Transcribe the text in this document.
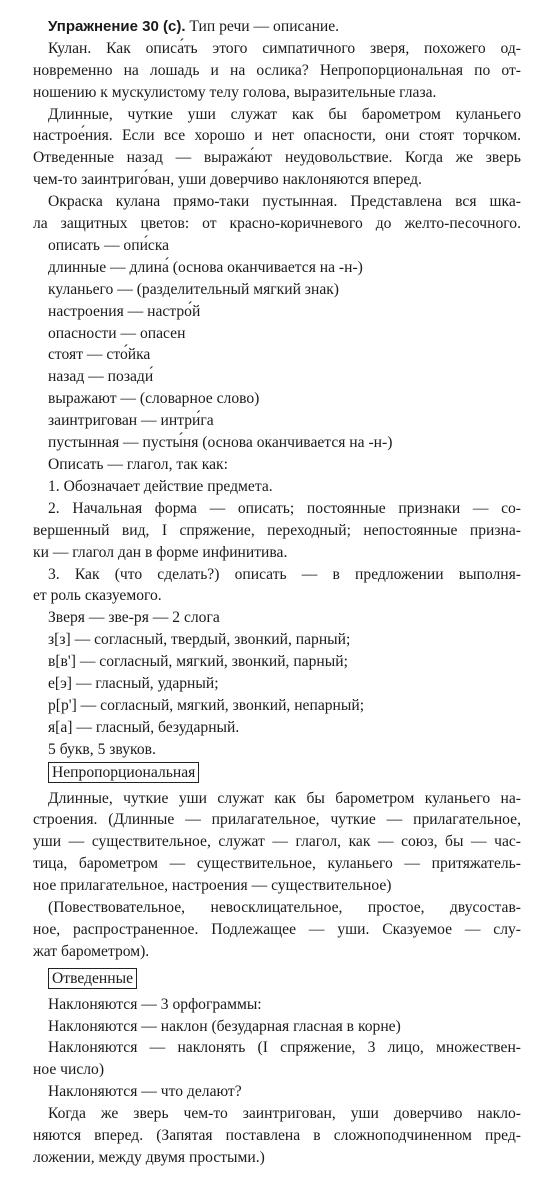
Упражнение 30 (с). Тип речи — описание.
Кулан. Как описа́ть этого симпатичного зверя, похожего од-
новременно на лошадь и на ослика? Непропорциональная по от-
ношению к мускулистому телу голова, выразительные глаза.
Длинные, чуткие уши служат как бы барометром куланьего
настрое́ния. Если все хорошо и нет опасности, они стоят торчком.
Отведенные назад — выража́ют неудовольствие. Когда же зверь
чем-то заинтриго́ван, уши доверчиво наклоняются вперед.
Окраска кулана прямо-таки пустынная. Представлена вся шка-
ла защитных цветов: от красно-коричневого до желто-песочного.
описать — опи́ска
длинные — длина́ (основа оканчивается на -н-)
куланьего — (разделительный мягкий знак)
настроения — настро́й
опасности — опасен
стоят — сто́йка
назад — позади́
выражают — (словарное слово)
заинтригован — интри́га
пустынная — пусты́ня (основа оканчивается на -н-)
Описать — глагол, так как:
1. Обозначает действие предмета.
2. Начальная форма — описать; постоянные признаки — со-
вершенный вид, I спряжение, переходный; непостоянные призна-
ки — глагол дан в форме инфинитива.
3. Как (что сделать?) описать — в предложении выполня-
ет роль сказуемого.
Зверя — зве-ря — 2 слога
з[з] — согласный, твердый, звонкий, парный;
в[в'] — согласный, мягкий, звонкий, парный;
е[э] — гласный, ударный;
р[р'] — согласный, мягкий, звонкий, непарный;
я[а] — гласный, безударный.
5 букв, 5 звуков.
Непропорциональная
Длинные, чуткие уши служат как бы барометром куланьего на-
строения. (Длинные — прилагательное, чуткие — прилагательное,
уши — существительное, служат — глагол, как — союз, бы — час-
тица, барометром — существительное, куланьего — притяжатель-
ное прилагательное, настроения — существительное)
(Повествовательное, невосклицательное, простое, двусостав-
ное, распространенное. Подлежащее — уши. Сказуемое — слу-
жат барометром).
Отведенные
Наклоняются — 3 орфограммы:
Наклоняются — наклон (безударная гласная в корне)
Наклоняются — наклонять (I спряжение, 3 лицо, множествен-
ное число)
Наклоняются — что делают?
Когда же зверь чем-то заинтригован, уши доверчиво накло-
няются вперед. (Запятая поставлена в сложноподчиненном пред-
ложении, между двумя простыми.)
